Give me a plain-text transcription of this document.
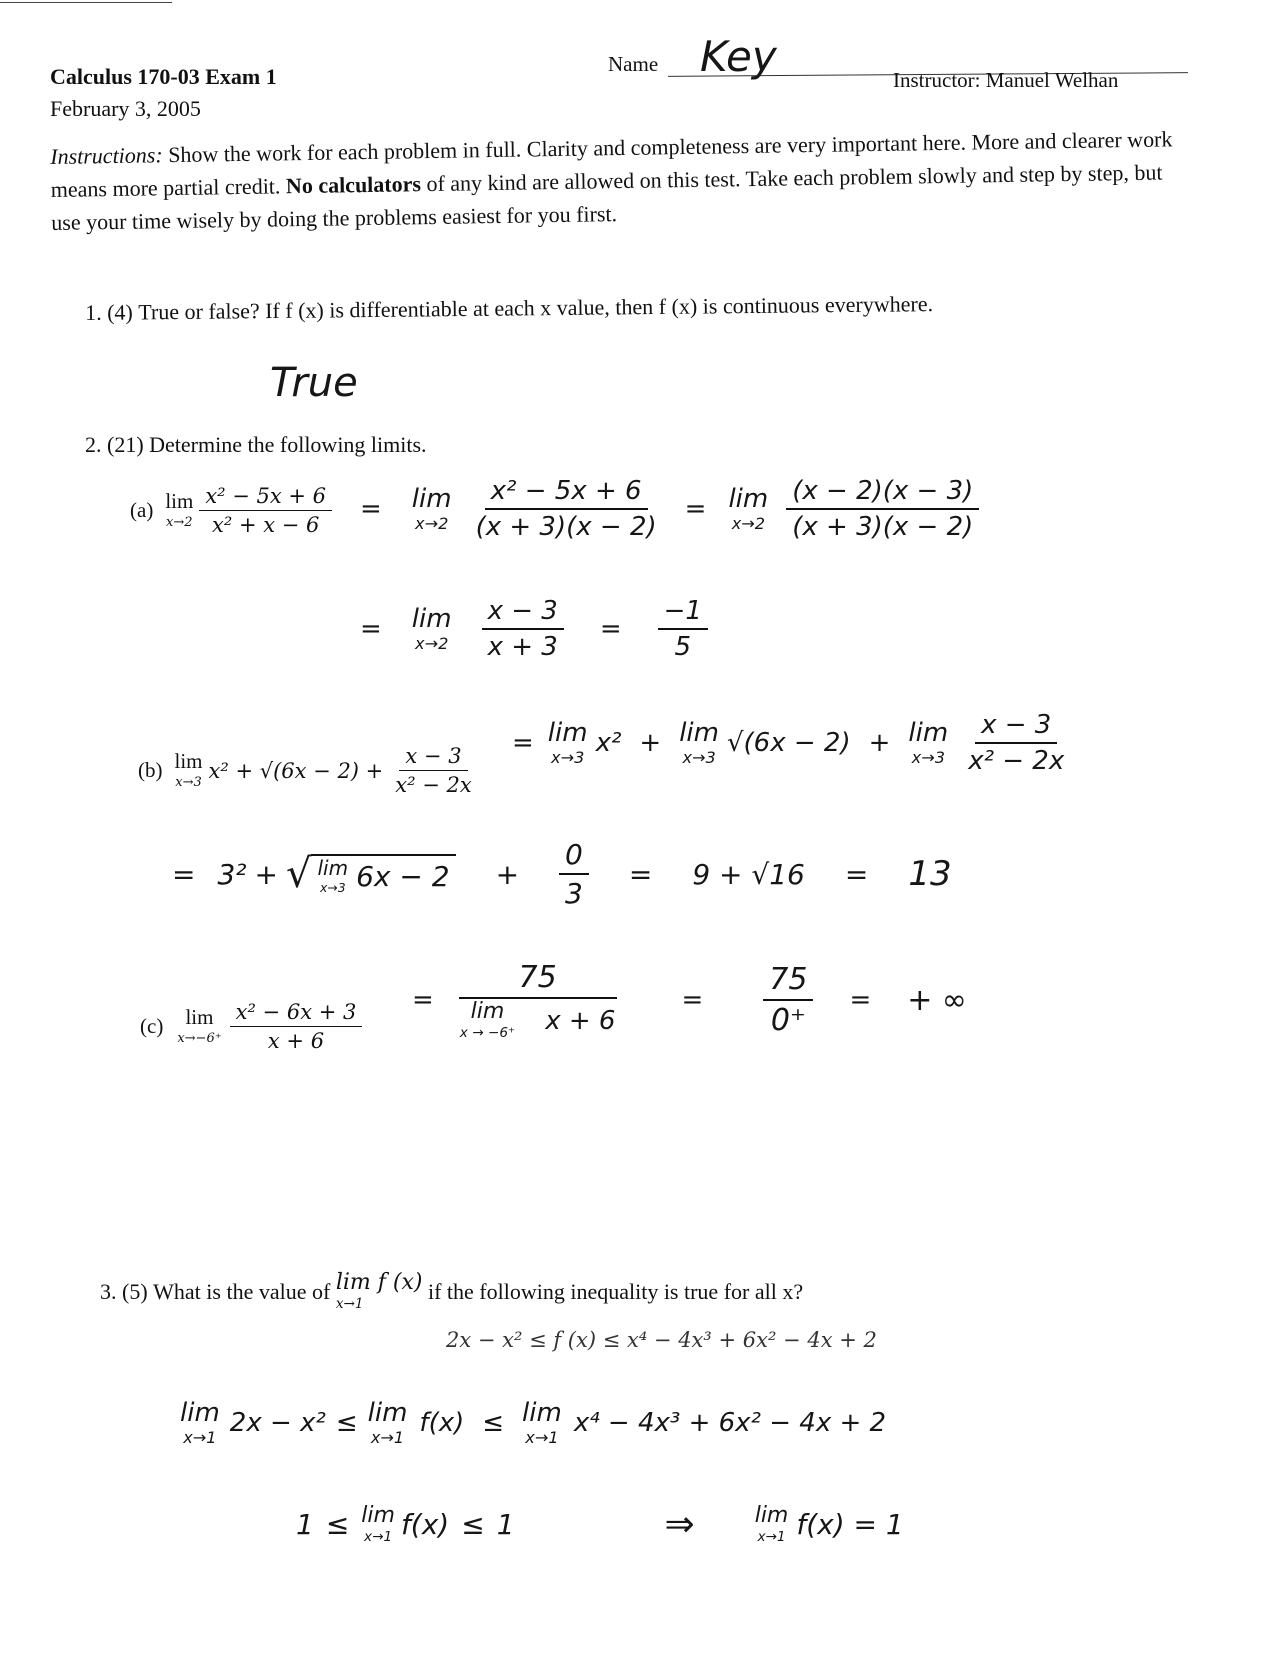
Calculus 170-03 Exam 1
February 3, 2005
Name Key	Instructor: Manuel Welhan
Instructions: Show the work for each problem in full. Clarity and completeness are very important here. More and clearer work means more partial credit. No calculators of any kind are allowed on this test. Take each problem slowly and step by step, but use your time wisely by doing the problems easiest for you first.
1.
(4)
True or false? If f (x) is differentiable at each x value, then f (x) is continuous everywhere.
True
2.
(21)
Determine the following limits.
(a) lim
$x\to 2 \frac{\text{x² − 5x + 6}}{\text{x² + x − 6}} = \lim$
$x\to 2 \frac{\text{x² − 5x + 6}}{(x + 3)(x - 2)} = \lim$
$x\to 2 \frac{(x - 2)(x - 3)}{(x + 3)(x - 2)}$
= lim
$x\to 2 \frac{x - 3}{x + 3} = \frac{-1}{5}$
(b) lim
x→3
$x^2 + √(6x - 2) + \frac{x - 3}{\text{x² − 2x}}$
= lim
x→3 x² + lim
x→3 √(6x − 2) + lim
$x\to 3 \frac{x - 3}{\text{x² − 2x}}$
= 3² + √ lim
x→3 $6x - 2 + \frac{0}{3} = 9 + √16 = 13$
(c) lim
$x\to-6^+ \frac{\text{x² − 6x + 3}}{x + 6} = 75$
lim
x → −6⁺ $x + 6 = \frac{75}{0^+}$ = + ∞
3.
(5)
What is the value of
lim f (x)
x→1

if the following inequality is true for all x?
2x − x² ≤ f (x) ≤ x⁴ − 4x³ + 6x² − 4x + 2
lim
x→1 2x − x² ≤ lim
x→1 f(x) ≤ lim
x→1 x⁴ − 4x³ + 6x² − 4x + 2
1 ≤ lim
x→1 f(x) ≤ 1	⇒	lim
x→1 f(x) = 1
